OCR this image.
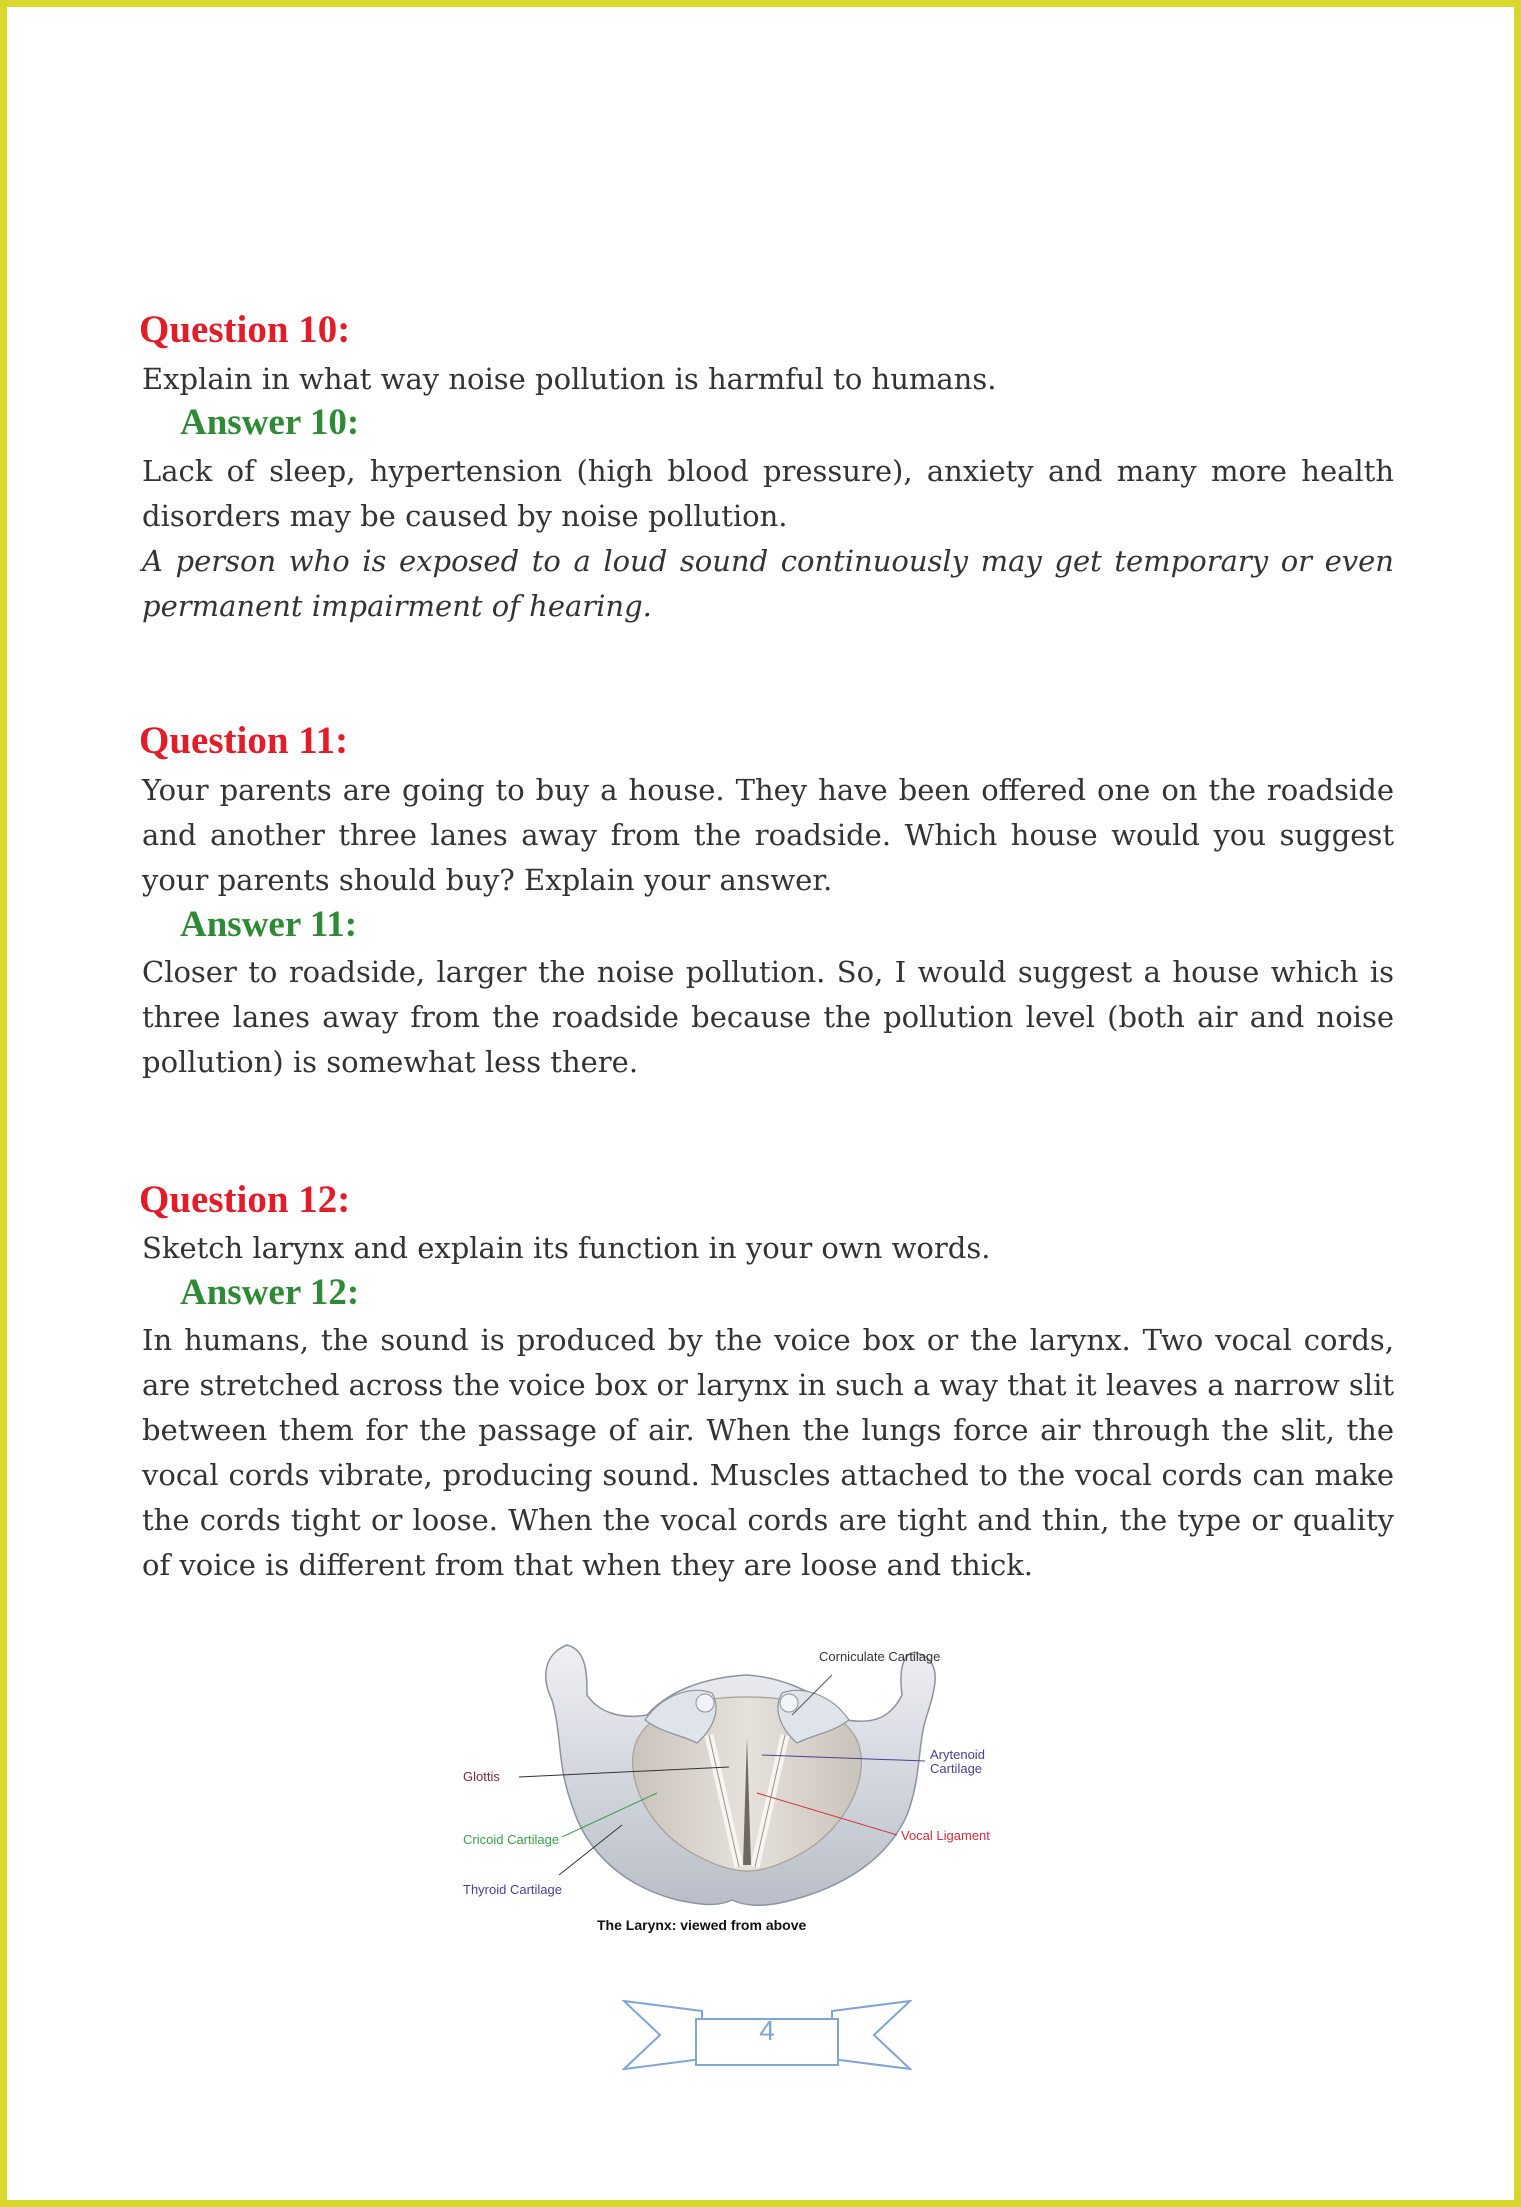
Question 10:

Explain in what way noise pollution is harmful to humans.

Answer 10:

Lack of sleep, hypertension (high blood pressure), anxiety and many more health disorders may be caused by noise pollution.

A person who is exposed to a loud sound continuously may get temporary or even permanent impairment of hearing.

Question 11:

Your parents are going to buy a house. They have been offered one on the roadside and another three lanes away from the roadside. Which house would you suggest your parents should buy? Explain your answer.

Answer 11:

Closer to roadside, larger the noise pollution. So, I would suggest a house which is three lanes away from the roadside because the pollution level (both air and noise pollution) is somewhat less there.

Question 12:

Sketch larynx and explain its function in your own words.

Answer 12:

In humans, the sound is produced by the voice box or the larynx. Two vocal cords, are stretched across the voice box or larynx in such a way that it leaves a narrow slit between them for the passage of air. When the lungs force air through the slit, the vocal cords vibrate, producing sound. Muscles attached to the vocal cords can make the cords tight or loose. When the vocal cords are tight and thin, the type or quality of voice is different from that when they are loose and thick.

Corniculate Cartilage
Arytenoid
Cartilage
Glottis
Vocal Ligament
Cricoid Cartilage
Thyroid Cartilage
The Larynx: viewed from above
4
